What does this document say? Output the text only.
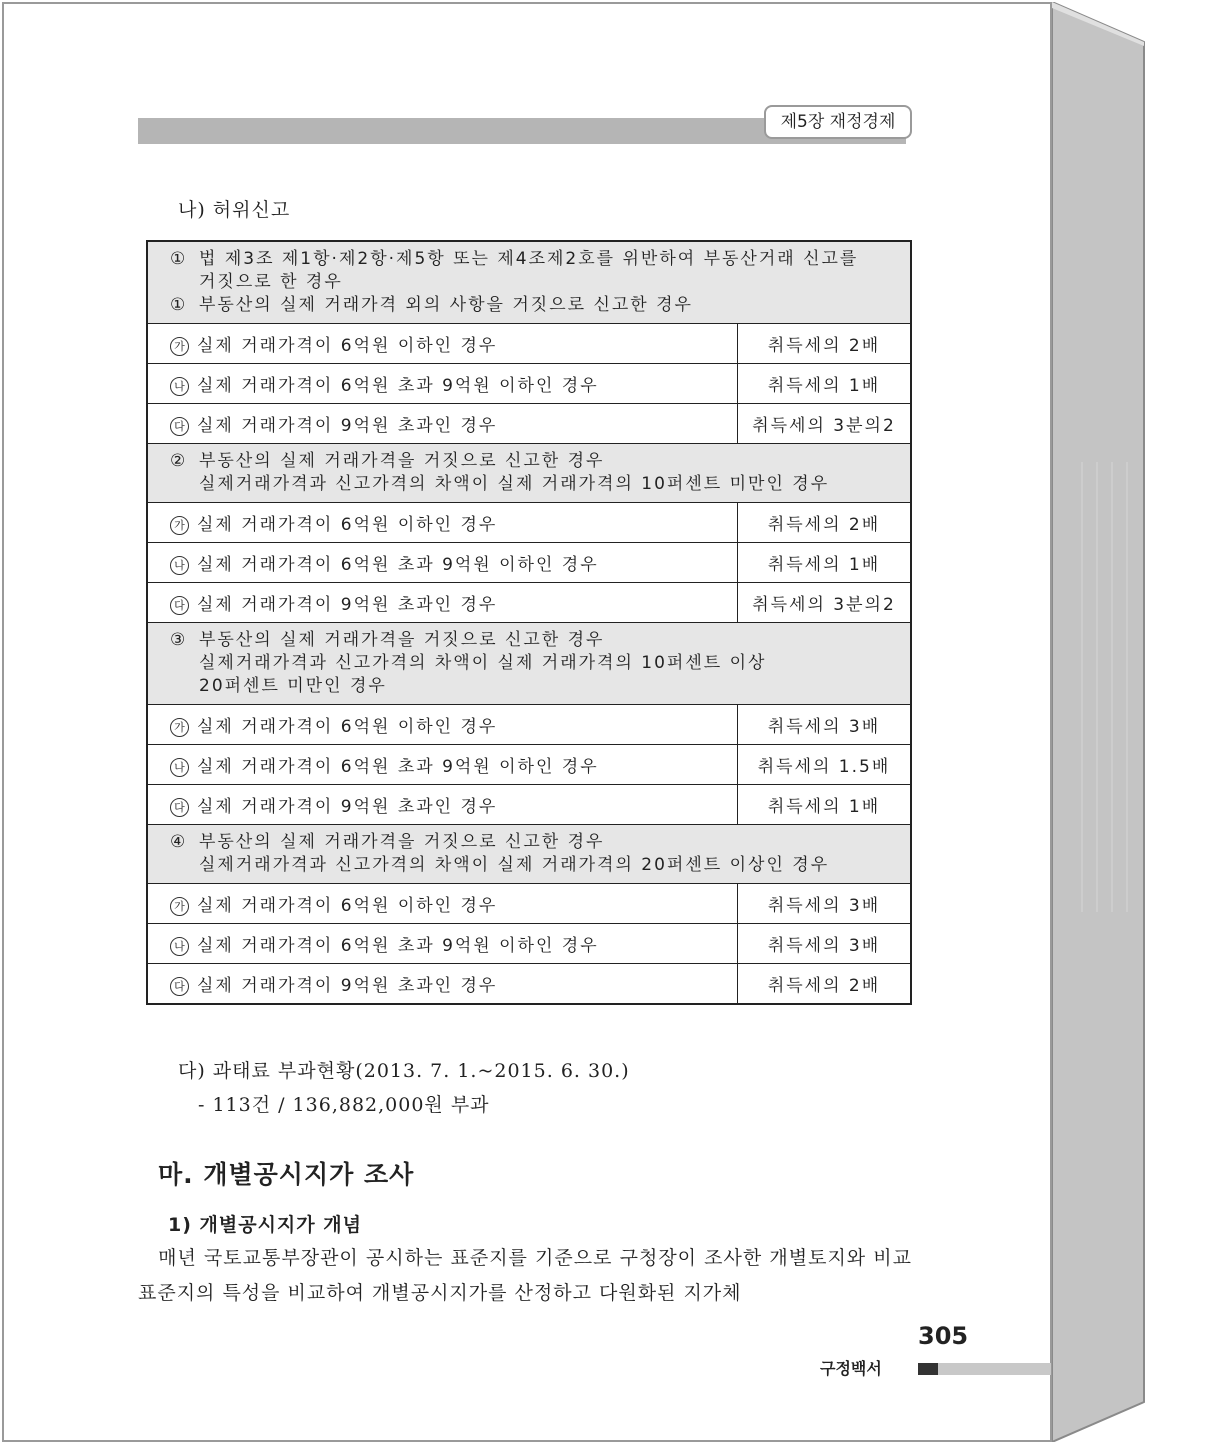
제5장 재정경제
나) 허위신고
① 법 제3조 제1항·제2항·제5항 또는 제4조제2호를 위반하여 부동산거래 신고를
거짓으로 한 경우
① 부동산의 실제 거래가격 외의 사항을 거짓으로 신고한 경우	

가 실제 거래가격이 6억원 이하인 경우	취득세의 2배
나 실제 거래가격이 6억원 초과 9억원 이하인 경우	취득세의 1배
다 실제 거래가격이 9억원 초과인 경우	취득세의 3분의2

② 부동산의 실제 거래가격을 거짓으로 신고한 경우
실제거래가격과 신고가격의 차액이 실제 거래가격의 10퍼센트 미만인 경우	

가 실제 거래가격이 6억원 이하인 경우	취득세의 2배
나 실제 거래가격이 6억원 초과 9억원 이하인 경우	취득세의 1배
다 실제 거래가격이 9억원 초과인 경우	취득세의 3분의2

③ 부동산의 실제 거래가격을 거짓으로 신고한 경우
실제거래가격과 신고가격의 차액이 실제 거래가격의 10퍼센트 이상
20퍼센트 미만인 경우	

가 실제 거래가격이 6억원 이하인 경우	취득세의 3배
나 실제 거래가격이 6억원 초과 9억원 이하인 경우	취득세의 1.5배
다 실제 거래가격이 9억원 초과인 경우	취득세의 1배

④ 부동산의 실제 거래가격을 거짓으로 신고한 경우
실제거래가격과 신고가격의 차액이 실제 거래가격의 20퍼센트 이상인 경우	

가 실제 거래가격이 6억원 이하인 경우	취득세의 3배
나 실제 거래가격이 6억원 초과 9억원 이하인 경우	취득세의 3배
다 실제 거래가격이 9억원 초과인 경우	취득세의 2배
다) 과태료 부과현황(2013. 7. 1.~2015. 6. 30.)
- 113건 / 136,882,000원 부과
마. 개별공시지가 조사
1) 개별공시지가 개념
　매년 국토교통부장관이 공시하는 표준지를 기준으로 구청장이 조사한 개별토지와 비교표준지의 특성을 비교하여 개별공시지가를 산정하고 다원화된 지가체
305
구정백서
